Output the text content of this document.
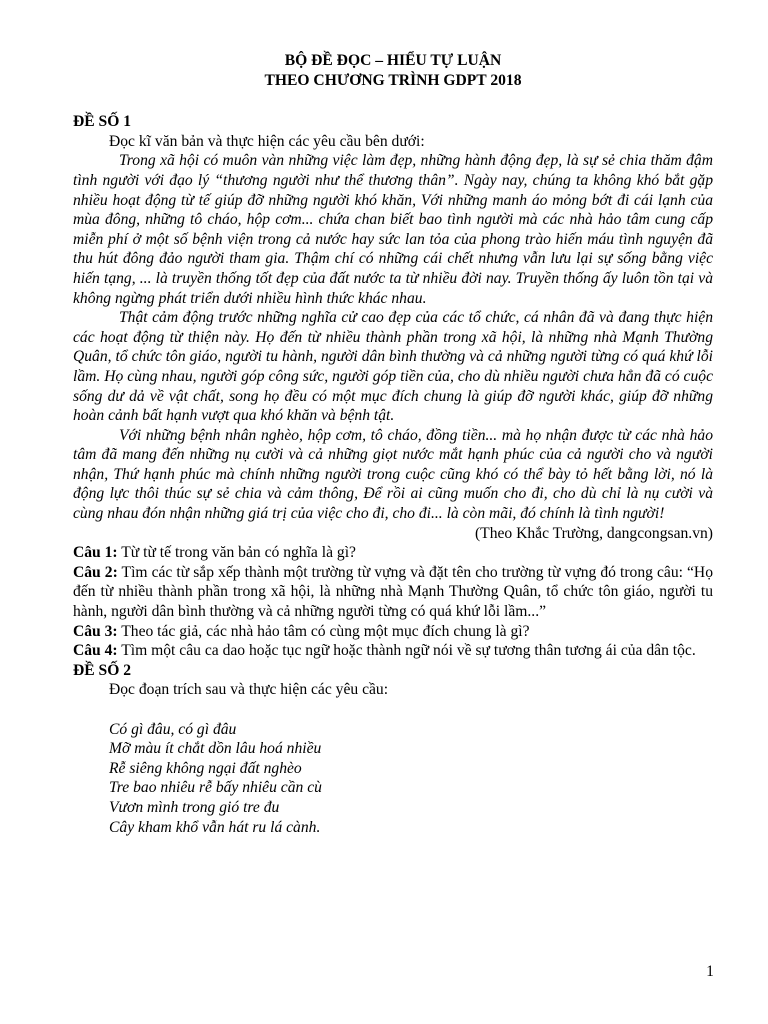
BỘ ĐỀ ĐỌC – HIỂU TỰ LUẬN
THEO CHƯƠNG TRÌNH GDPT 2018
ĐỀ SỐ 1
Đọc kĩ văn bản và thực hiện các yêu cầu bên dưới:
Trong xã hội có muôn vàn những việc làm đẹp, những hành động đẹp, là sự sẻ chia thăm đậm tình người với đạo lý “thương người như thể thương thân”. Ngày nay, chúng ta không khó bắt gặp nhiều hoạt động từ tế giúp đỡ những người khó khăn, Với những manh áo mỏng bớt đi cái lạnh của mùa đông, những tô cháo, hộp cơm... chứa chan biết bao tình người mà các nhà hảo tâm cung cấp miễn phí ở một số bệnh viện trong cả nước hay sức lan tỏa của phong trào hiến máu tình nguyện đã thu hút đông đảo người tham gia. Thậm chí có những cái chết nhưng vẫn lưu lại sự sống bằng việc hiến tạng, ... là truyền thống tốt đẹp của đất nước ta từ nhiều đời nay. Truyền thống ấy luôn tồn tại và không ngừng phát triển dưới nhiều hình thức khác nhau.
Thật cảm động trước những nghĩa cử cao đẹp của các tổ chức, cá nhân đã và đang thực hiện các hoạt động từ thiện này. Họ đến từ nhiều thành phần trong xã hội, là những nhà Mạnh Thường Quân, tổ chức tôn giáo, người tu hành, người dân bình thường và cả những người từng có quá khứ lỗi lầm. Họ cùng nhau, người góp công sức, người góp tiền của, cho dù nhiều người chưa hẳn đã có cuộc sống dư dả về vật chất, song họ đều có một mục đích chung là giúp đỡ người khác, giúp đỡ những hoàn cảnh bất hạnh vượt qua khó khăn và bệnh tật.
Với những bệnh nhân nghèo, hộp cơm, tô cháo, đồng tiền... mà họ nhận được từ các nhà hảo tâm đã mang đến những nụ cười và cả những giọt nước mắt hạnh phúc của cả người cho và người nhận, Thứ hạnh phúc mà chính những người trong cuộc cũng khó có thể bày tỏ hết bằng lời, nó là động lực thôi thúc sự sẻ chia và cảm thông, Để rồi ai cũng muốn cho đi, cho dù chỉ là nụ cười và cùng nhau đón nhận những giá trị của việc cho đi, cho đi... là còn mãi, đó chính là tình người!
(Theo Khắc Trường, dangcongsan.vn)
Câu 1: Từ từ tế trong văn bản có nghĩa là gì?
Câu 2: Tìm các từ sắp xếp thành một trường từ vựng và đặt tên cho trường từ vựng đó trong câu: “Họ đến từ nhiều thành phần trong xã hội, là những nhà Mạnh Thường Quân, tổ chức tôn giáo, người tu hành, người dân bình thường và cả những người từng có quá khứ lỗi lầm...”
Câu 3: Theo tác giả, các nhà hảo tâm có cùng một mục đích chung là gì?
Câu 4: Tìm một câu ca dao hoặc tục ngữ hoặc thành ngữ nói về sự tương thân tương ái của dân tộc.
ĐỀ SỐ 2
Đọc đoạn trích sau và thực hiện các yêu cầu:
Có gì đâu, có gì đâu
Mỡ màu ít chắt dồn lâu hoá nhiều
Rễ siêng không ngại đất nghèo
Tre bao nhiêu rễ bấy nhiêu cần cù
Vươn mình trong gió tre đu
Cây kham khổ vẫn hát ru lá cành.
1
